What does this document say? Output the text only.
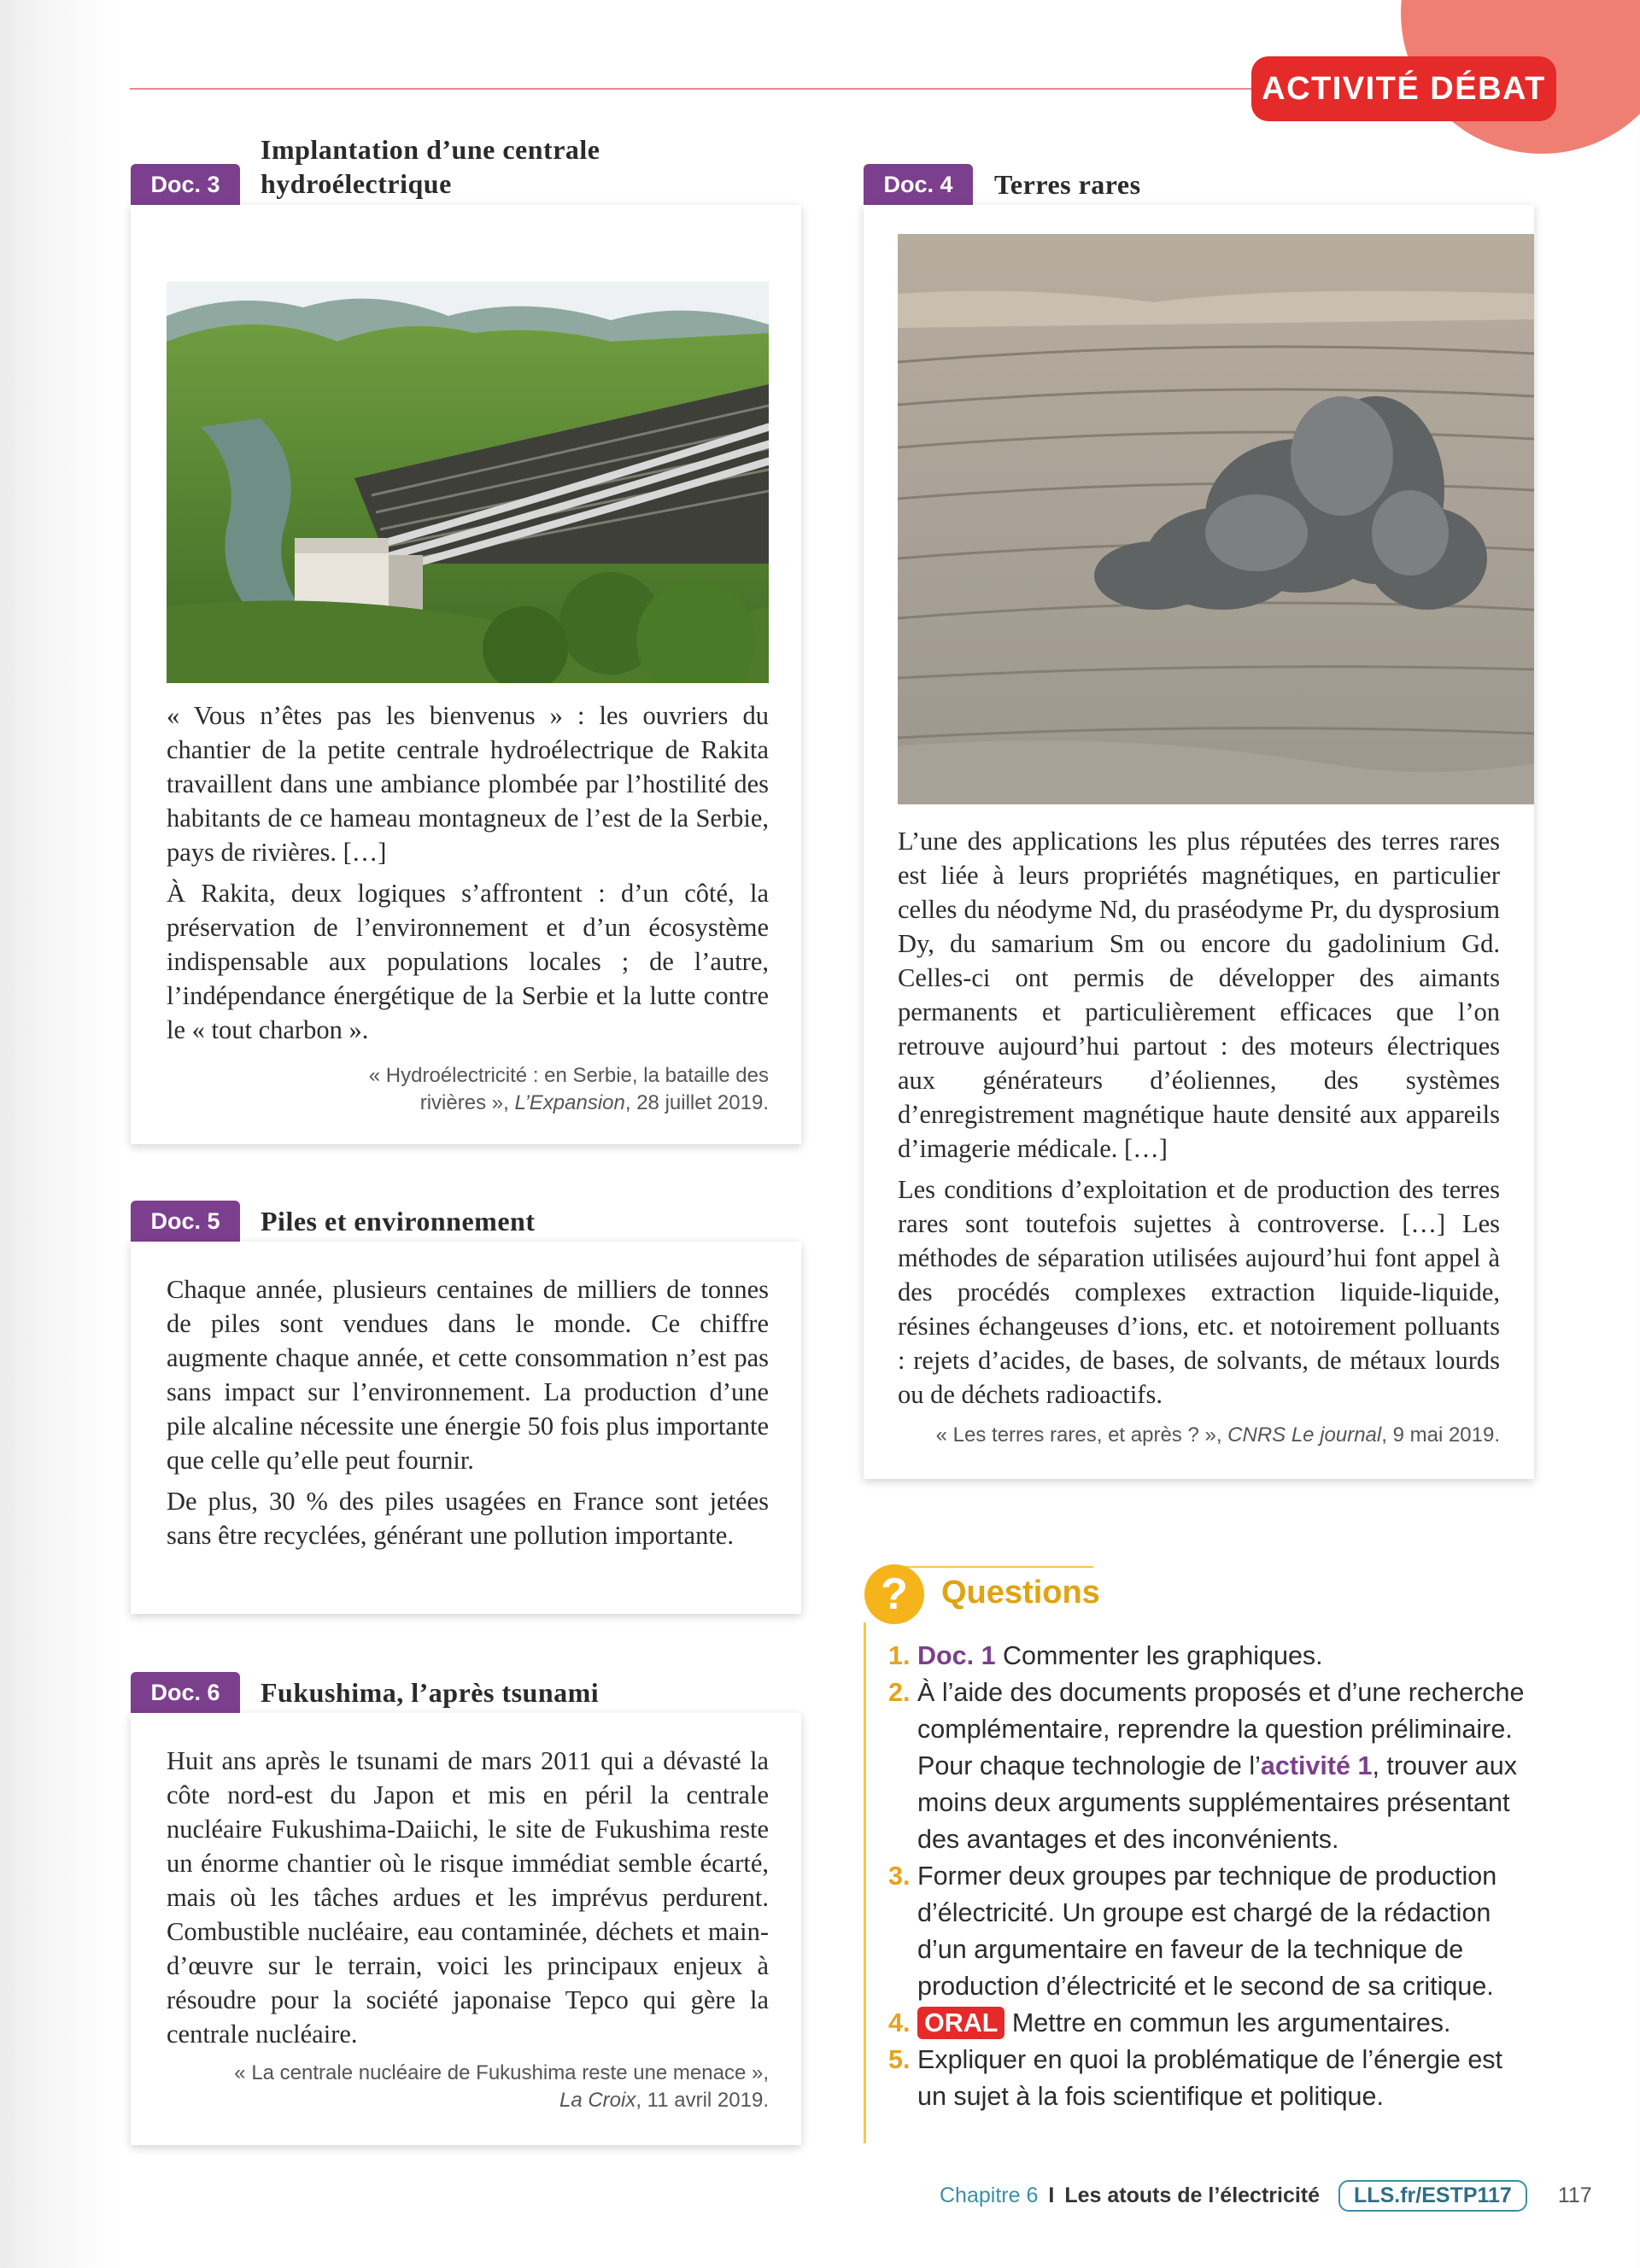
ACTIVITÉ DÉBAT
Doc. 3
Implantation d’une centrale
hydroélectrique

« Vous n’êtes pas les bienvenus » : les ouvriers du chantier de la petite centrale hydroélectrique de Rakita travaillent dans une ambiance plombée par l’hostilité des habitants de ce hameau montagneux de l’est de la Serbie, pays de rivières. […]

À Rakita, deux logiques s’affrontent : d’un côté, la préservation de l’environnement et d’un écosystème indispensable aux populations locales ; de l’autre, l’indépendance énergétique de la Serbie et la lutte contre le « tout charbon ».

« Hydroélectricité : en Serbie, la bataille des
rivières », L’Expansion, 28 juillet 2019.
Doc. 4	Terres rares

L’une des applications les plus réputées des terres rares est liée à leurs propriétés magnétiques, en particulier celles du néodyme Nd, du praséodyme Pr, du dysprosium Dy, du samarium Sm ou encore du gadolinium Gd. Celles-ci ont permis de développer des aimants permanents et particulièrement efficaces que l’on retrouve aujourd’hui partout : des moteurs électriques aux générateurs d’éoliennes, des systèmes d’enregistrement magnétique haute densité aux appareils d’imagerie médicale. […]

Les conditions d’exploitation et de production des terres rares sont toutefois sujettes à controverse. […] Les méthodes de séparation utilisées aujourd’hui font appel à des procédés complexes extraction liquide-liquide, résines échangeuses d’ions, etc. et notoirement polluants : rejets d’acides, de bases, de solvants, de métaux lourds ou de déchets radioactifs.

« Les terres rares, et après ? », CNRS Le journal, 9 mai 2019.
Doc. 5	Piles et environnement

Chaque année, plusieurs centaines de milliers de tonnes de piles sont vendues dans le monde. Ce chiffre augmente chaque année, et cette consommation n’est pas sans impact sur l’environnement. La production d’une pile alcaline nécessite une énergie 50 fois plus importante que celle qu’elle peut fournir.

De plus, 30 % des piles usagées en France sont jetées sans être recyclées, générant une pollution importante.

Doc. 6	Fukushima, l’après tsunami

Huit ans après le tsunami de mars 2011 qui a dévasté la côte nord-est du Japon et mis en péril la centrale nucléaire Fukushima-Daiichi, le site de Fukushima reste un énorme chantier où le risque immédiat semble écarté, mais où les tâches ardues et les imprévus perdurent. Combustible nucléaire, eau contaminée, déchets et main-d’œuvre sur le terrain, voici les principaux enjeux à résoudre pour la société japonaise Tepco qui gère la centrale nucléaire.

« La centrale nucléaire de Fukushima reste une menace »,
La Croix, 11 avril 2019.
?	Questions
1. Doc. 1 Commenter les graphiques.
2. À l’aide des documents proposés et d’une recherche complémentaire, reprendre la question préliminaire. Pour chaque technologie de l’activité 1, trouver aux moins deux arguments supplémentaires présentant des avantages et des inconvénients.
3. Former deux groupes par technique de production d’électricité. Un groupe est chargé de la rédaction d’un argumentaire en faveur de la technique de production d’électricité et le second de sa critique.
4. ORAL Mettre en commun les argumentaires.
5. Expliquer en quoi la problématique de l’énergie est un sujet à la fois scientifique et politique.
Chapitre 6 I Les atouts de l’électricité	LLS.fr/ESTP117	117
